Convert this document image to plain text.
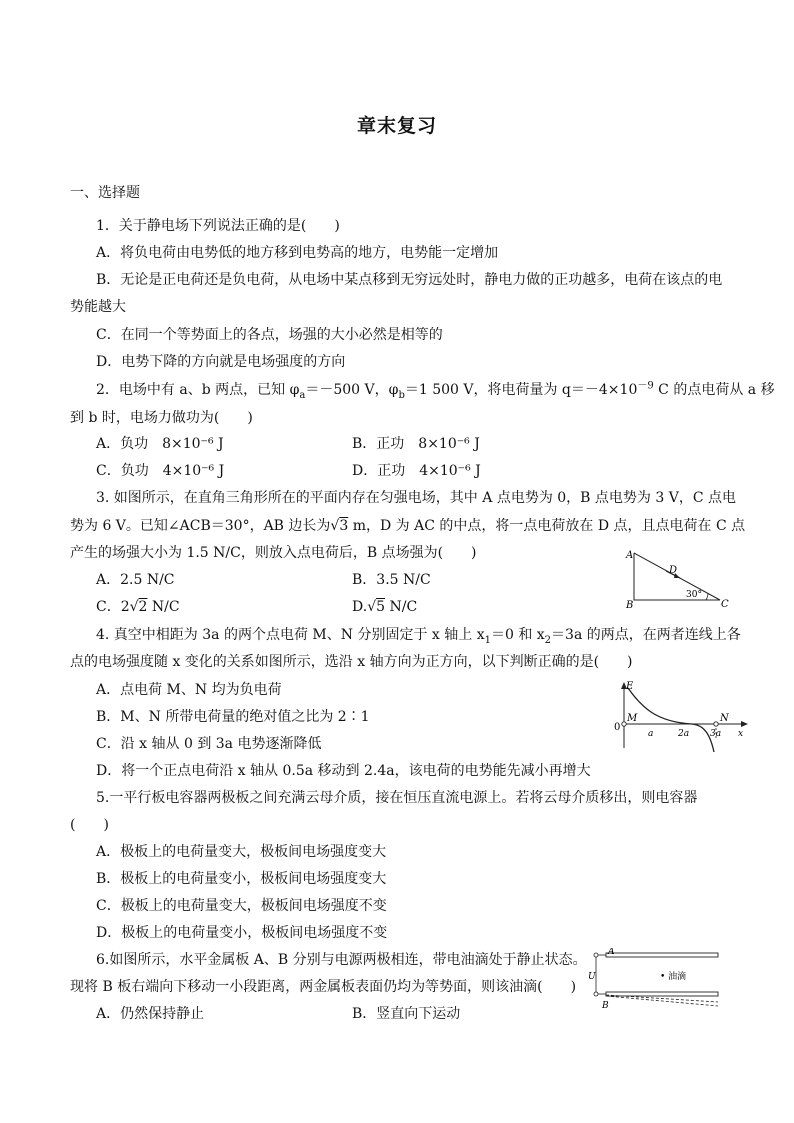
章末复习
一、选择题
1．关于静电场下列说法正确的是(　　)
A．将负电荷由电势低的地方移到电势高的地方，电势能一定增加
B．无论是正电荷还是负电荷，从电场中某点移到无穷远处时，静电力做的正功越多，电荷在该点的电
势能越大
C．在同一个等势面上的各点，场强的大小必然是相等的
D．电势下降的方向就是电场强度的方向
2．电场中有 a、b 两点，已知 $\varphi_a=-500$ V，$\varphi_b=1$ 500 V，将电荷量为 $q=-4\times 10^{-9}$ C 的点电荷从 a 移
到 b 时，电场力做功为(　　)
A．负功　8×10⁻⁶ J	B．正功　8×10⁻⁶ J
C．负功　4×10⁻⁶ J	D．正功　4×10⁻⁶ J
3. 如图所示，在直角三角形所在的平面内存在匀强电场，其中 A 点电势为 0，B 点电势为 3 V，C 点电
势为 6 V。已知∠ACB＝30°，AB 边长为√3 m，D 为 AC 的中点，将一点电荷放在 D 点，且点电荷在 C 点
产生的场强大小为 1.5 N/C，则放入点电荷后，B 点场强为(　　)
A．2.5 N/C	B．3.5 N/C
C．2√2 N/C	D.√5 N/C
A
B	C
D
30°
4. 真空中相距为 3a 的两个点电荷 M、N 分别固定于 x 轴上 $x_1=0$ 和 $x_2=3a$ 的两点，在两者连线上各
点的电场强度随 x 变化的关系如图所示，选沿 x 轴方向为正方向，以下判断正确的是(　　)
A．点电荷 M、N 均为负电荷
B．M、N 所带电荷量的绝对值之比为 2∶1
C．沿 x 轴从 0 到 3a 电势逐渐降低
D．将一个正点电荷沿 x 轴从 0.5a 移动到 2.4a，该电荷的电势能先减小再增大
E
M	N
0
a	2a 3a x
5.一平行板电容器两极板之间充满云母介质，接在恒压直流电源上。若将云母介质移出，则电容器
(　　)
A．极板上的电荷量变大，极板间电场强度变大
B．极板上的电荷量变小，极板间电场强度变大
C．极板上的电荷量变大，极板间电场强度不变
D．极板上的电荷量变小，极板间电场强度不变
6.如图所示，水平金属板 A、B 分别与电源两极相连，带电油滴处于静止状态。
现将 B 板右端向下移动一小段距离，两金属板表面仍均为等势面，则该油滴(　　)
A．仍然保持静止	B．竖直向下运动
A
B
U	• 油滴
